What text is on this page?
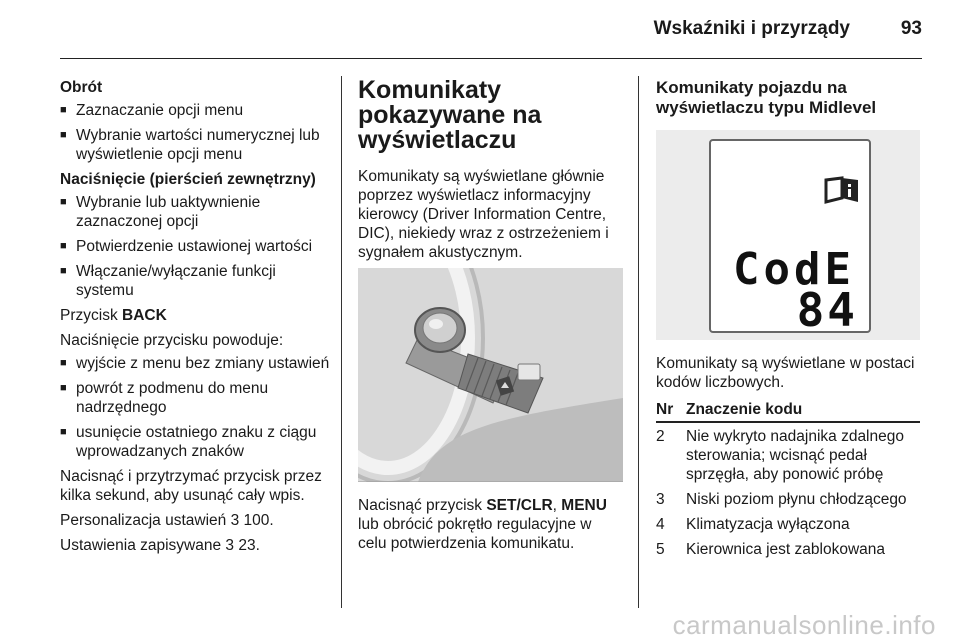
Wskaźniki i przyrządy	93
Obrót
■ Zaznaczanie opcji menu
■ Wybranie wartości numerycznej lub wyświetlenie opcji menu
Naciśnięcie (pierścień zewnętrzny)
■ Wybranie lub uaktywnienie zaznaczonej opcji
■ Potwierdzenie ustawionej wartości
■ Włączanie/wyłączanie funkcji systemu
Przycisk BACK
Naciśnięcie przycisku powoduje:
■ wyjście z menu bez zmiany ustawień
■ powrót z podmenu do menu nadrzędnego
■ usunięcie ostatniego znaku z ciągu wprowadzanych znaków
Nacisnąć i przytrzymać przycisk przez kilka sekund, aby usunąć cały wpis.
Personalizacja ustawień 3 100.
Ustawienia zapisywane 3 23.
Komunikaty pokazywane na wyświetlaczu
Komunikaty są wyświetlane głównie poprzez wyświetlacz informacyjny kierowcy (Driver Information Centre, DIC), niekiedy wraz z ostrzeżeniem i sygnałem akustycznym.
Nacisnąć przycisk SET/CLR, MENU lub obrócić pokrętło regulacyjne w celu potwierdzenia komunikatu.
Komunikaty pojazdu na wyświetlaczu typu Midlevel
CodE
84
Komunikaty są wyświetlane w postaci kodów liczbowych.
Nr	Znaczenie kodu
2	Nie wykryto nadajnika zdalnego sterowania; wcisnąć pedał sprzęgła, aby ponowić próbę
3	Niski poziom płynu chłodzącego
4	Klimatyzacja wyłączona
5	Kierownica jest zablokowana
carmanualsonline.info
